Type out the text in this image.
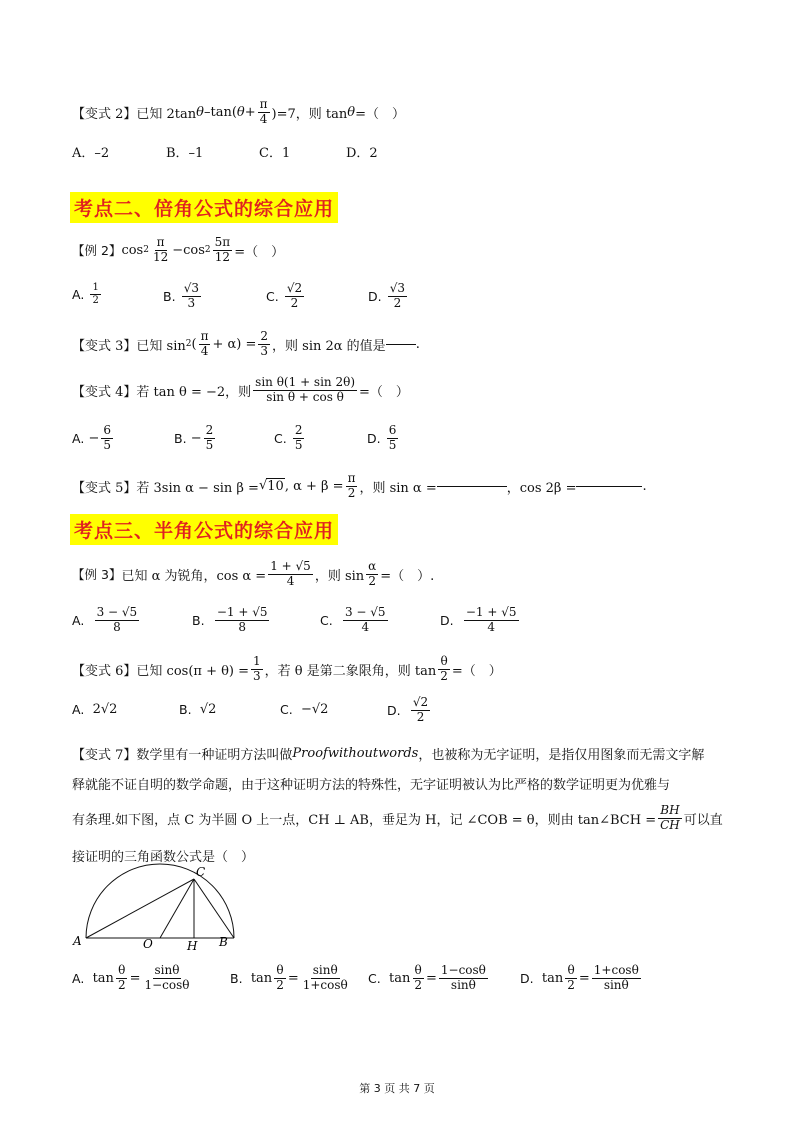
【变式 2】 已知 2tan θ –tan( $\theta + \frac{\pi}{4} )=7$，则 tan θ =（　）
A．–2	B．–1	C．1	D．2
考点二、倍角公式的综合应用
【例 2】 $\cos 2 \frac{\pi}{12} - \cos 2 \frac{5\pi}{12}$ =（　）
A.
$\frac{1}{2}$	B.
$\frac{√3}{3}$	C.
$\frac{√2}{2}$	D.
$\frac{√3}{2}$
【变式 3】 已知 sin 2 ( $\frac{\pi}{4} + \alpha$)
= $\frac{2}{3}$ ，则 sin 2α 的值是 .
【变式 4】 若 tan θ = −2，则 $\frac{\text{sin θ(1 + sin 2θ)}}{\text{sin θ + cos θ}}$ =（　）
A.
− $\frac{6}{5}$	B.
− $\frac{2}{5}$	C.
$\frac{2}{5}$	D.
$\frac{6}{5}$
【变式 5】 若 3sin α − sin β = √ 10 , $\alpha + \beta = \frac{\pi}{2}$ ，则 sin α =	，cos 2β =	.
考点三、半角公式的综合应用
【例 3】 已知 α 为锐角，$\cos \alpha = \frac{1 + √5}{4}$ ，则 $\sin \frac{\alpha}{2}$ =（　）.
A.
$\frac{3 - √5}{8}$	B.
$\frac{-1 + √5}{8}$	C.
$\frac{3 - √5}{4}$	D.
$\frac{-1 + √5}{4}$
【变式 6】 已知 $\cos(\pi + \theta) = \frac{1}{3}$ ，若 θ 是第二象限角，则 $\tan \frac{\theta}{2}$ =（　）
A.
2√2	B.
√2	C.
−√2	D.
$\frac{√2}{2}$
【变式 7】 数学里有一种证明方法叫做 Proofwithoutwords ，也被称为无字证明，是指仅用图象而无需文字解
释就能不证自明的数学命题，由于这种证明方法的特殊性，无字证明被认为比严格的数学证明更为优雅与
有条理.如下图，点 C 为半圆 O 上一点，CH ⊥ AB，垂足为 H，记 ∠COB = θ，则由 tan∠BCH = $\frac{BH}{CH}$ 可以直
接证明的三角函数公式是（　）
A	O	H B
C
A.
$\tan \frac{\theta}{2} = \frac{\sin\theta}{1-\cos\theta}$	B.
$\tan \frac{\theta}{2} = \frac{\sin\theta}{1+\cos\theta} C$.
$\tan \frac{\theta}{2} = \frac{1-\cos\theta}{\sin\theta}$	D.
$\tan \frac{\theta}{2} = \frac{1+\cos\theta}{\sin\theta}$
第 3 页 共 7 页
